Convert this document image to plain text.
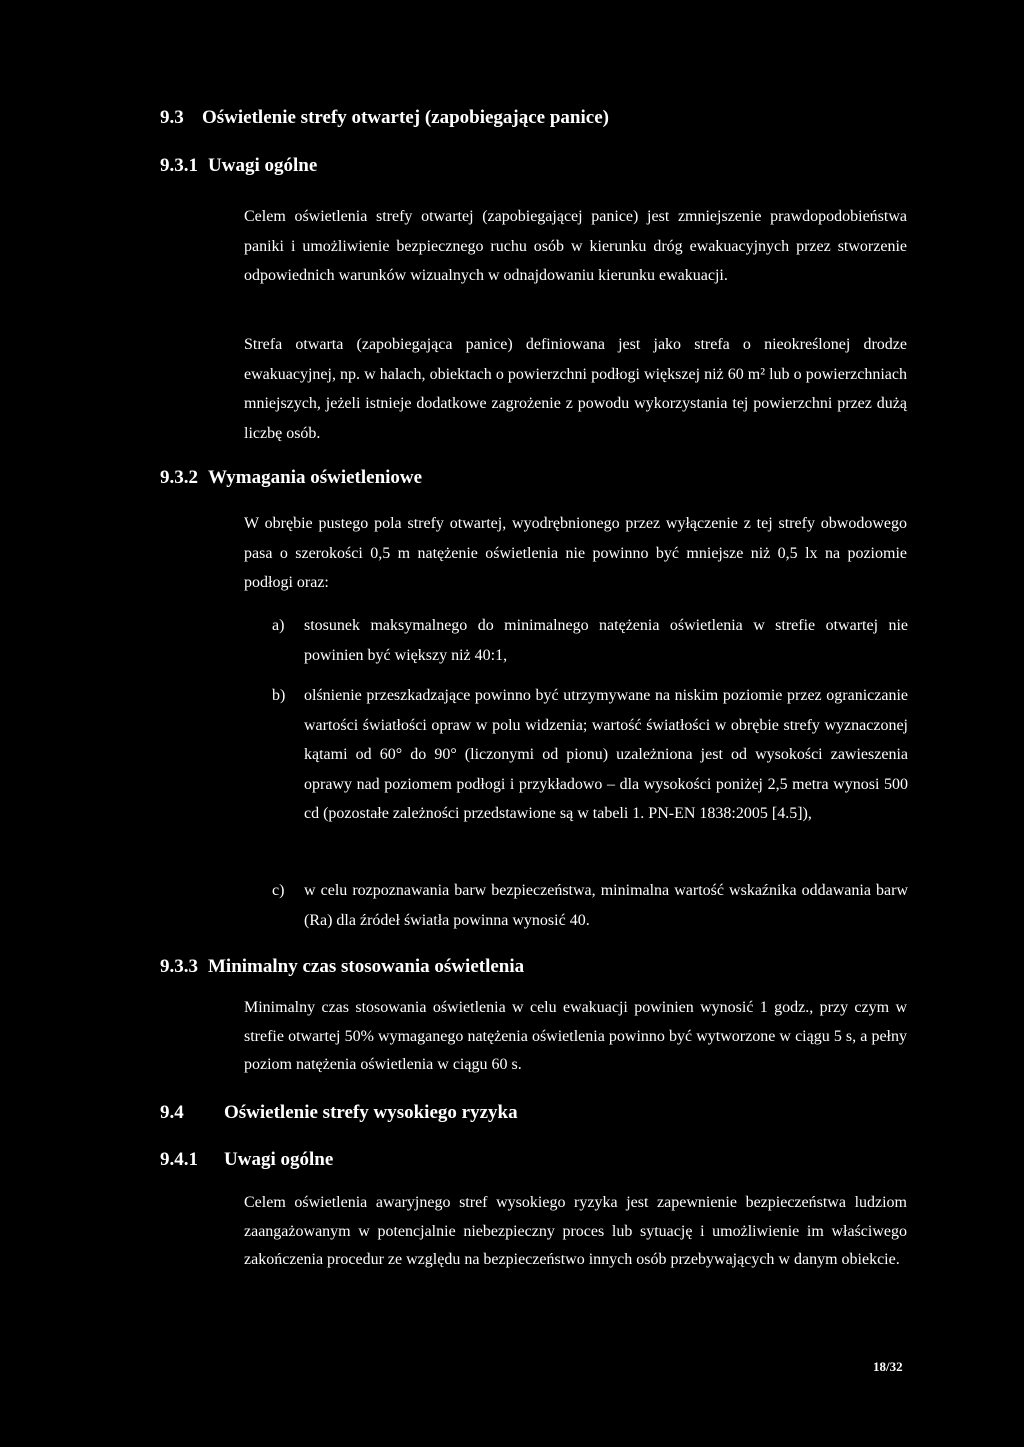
9.3 Oświetlenie strefy otwartej (zapobiegające panice)
9.3.1 Uwagi ogólne
Celem oświetlenia strefy otwartej (zapobiegającej panice) jest zmniejszenie prawdopodobieństwa paniki i umożliwienie bezpiecznego ruchu osób w kierunku dróg ewakuacyjnych przez stworzenie odpowiednich warunków wizualnych w odnajdowaniu kierunku ewakuacji.
Strefa otwarta (zapobiegająca panice) definiowana jest jako strefa o nieokreślonej drodze ewakuacyjnej, np. w halach, obiektach o powierzchni podłogi większej niż 60 m² lub o powierzchniach mniejszych, jeżeli istnieje dodatkowe zagrożenie z powodu wykorzystania tej powierzchni przez dużą liczbę osób.
9.3.2 Wymagania oświetleniowe
W obrębie pustego pola strefy otwartej, wyodrębnionego przez wyłączenie z tej strefy obwodowego pasa o szerokości 0,5 m natężenie oświetlenia nie powinno być mniejsze niż 0,5 lx na poziomie podłogi oraz:
a) stosunek maksymalnego do minimalnego natężenia oświetlenia w strefie otwartej nie powinien być większy niż 40:1,
b) olśnienie przeszkadzające powinno być utrzymywane na niskim poziomie przez ograniczanie wartości światłości opraw w polu widzenia; wartość światłości w obrębie strefy wyznaczonej kątami od 60° do 90° (liczonymi od pionu) uzależniona jest od wysokości zawieszenia oprawy nad poziomem podłogi i przykładowo – dla wysokości poniżej 2,5 metra wynosi 500 cd (pozostałe zależności przedstawione są w tabeli 1. PN-EN 1838:2005 [4.5]),
c) w celu rozpoznawania barw bezpieczeństwa, minimalna wartość wskaźnika oddawania barw (Ra) dla źródeł światła powinna wynosić 40.
9.3.3 Minimalny czas stosowania oświetlenia
Minimalny czas stosowania oświetlenia w celu ewakuacji powinien wynosić 1 godz., przy czym w strefie otwartej 50% wymaganego natężenia oświetlenia powinno być wytworzone w ciągu 5 s, a pełny poziom natężenia oświetlenia w ciągu 60 s.
9.4 Oświetlenie strefy wysokiego ryzyka
9.4.1 Uwagi ogólne
Celem oświetlenia awaryjnego stref wysokiego ryzyka jest zapewnienie bezpieczeństwa ludziom zaangażowanym w potencjalnie niebezpieczny proces lub sytuację i umożliwienie im właściwego zakończenia procedur ze względu na bezpieczeństwo innych osób przebywających w danym obiekcie.
18/32
